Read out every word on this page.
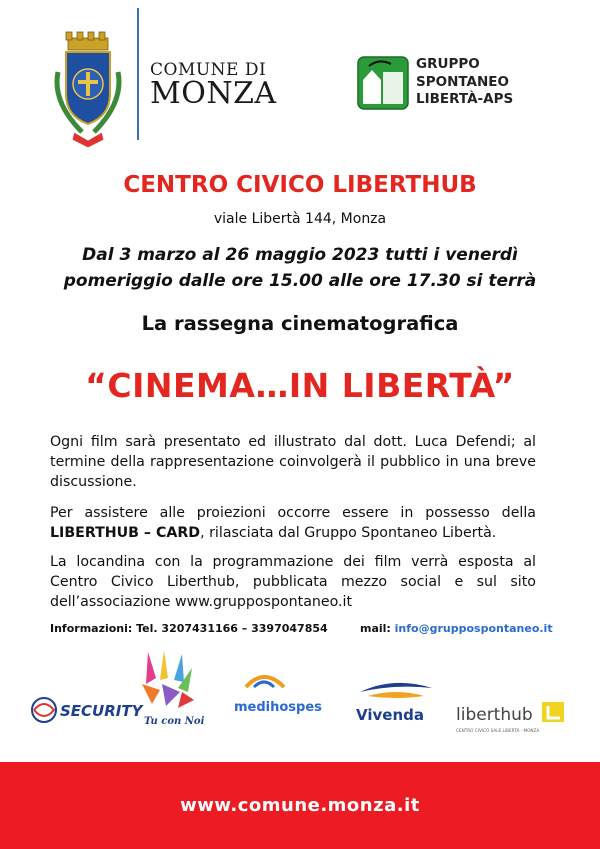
COMUNE DI
MONZA
GRUPPO
SPONTANEO
LIBERTÀ-APS
CENTRO CIVICO LIBERTHUB
viale Libertà 144, Monza
Dal 3 marzo al 26 maggio 2023 tutti i venerdì
pomeriggio dalle ore 15.00 alle ore 17.30 si terrà
La rassegna cinematografica
“CINEMA…IN LIBERTÀ”
Ogni film sarà presentato ed illustrato dal dott. Luca Defendi; al termine della rappresentazione coinvolgerà il pubblico in una breve discussione.
Per assistere alle proiezioni occorre essere in possesso della LIBERTHUB – CARD, rilasciata dal Gruppo Spontaneo Libertà.
La locandina con la programmazione dei film verrà esposta al Centro Civico Liberthub, pubblicata mezzo social e sul sito dell’associazione www.gruppospontaneo.it
Informazioni: Tel. 3207431166 – 3397047854	mail: info@gruppospontaneo.it
SECURITY
Tu con Noi
medihospes Vivenda liberthub
CENTRO CIVICO SALE LIBERTÀ - MONZA
www.comune.monza.it
